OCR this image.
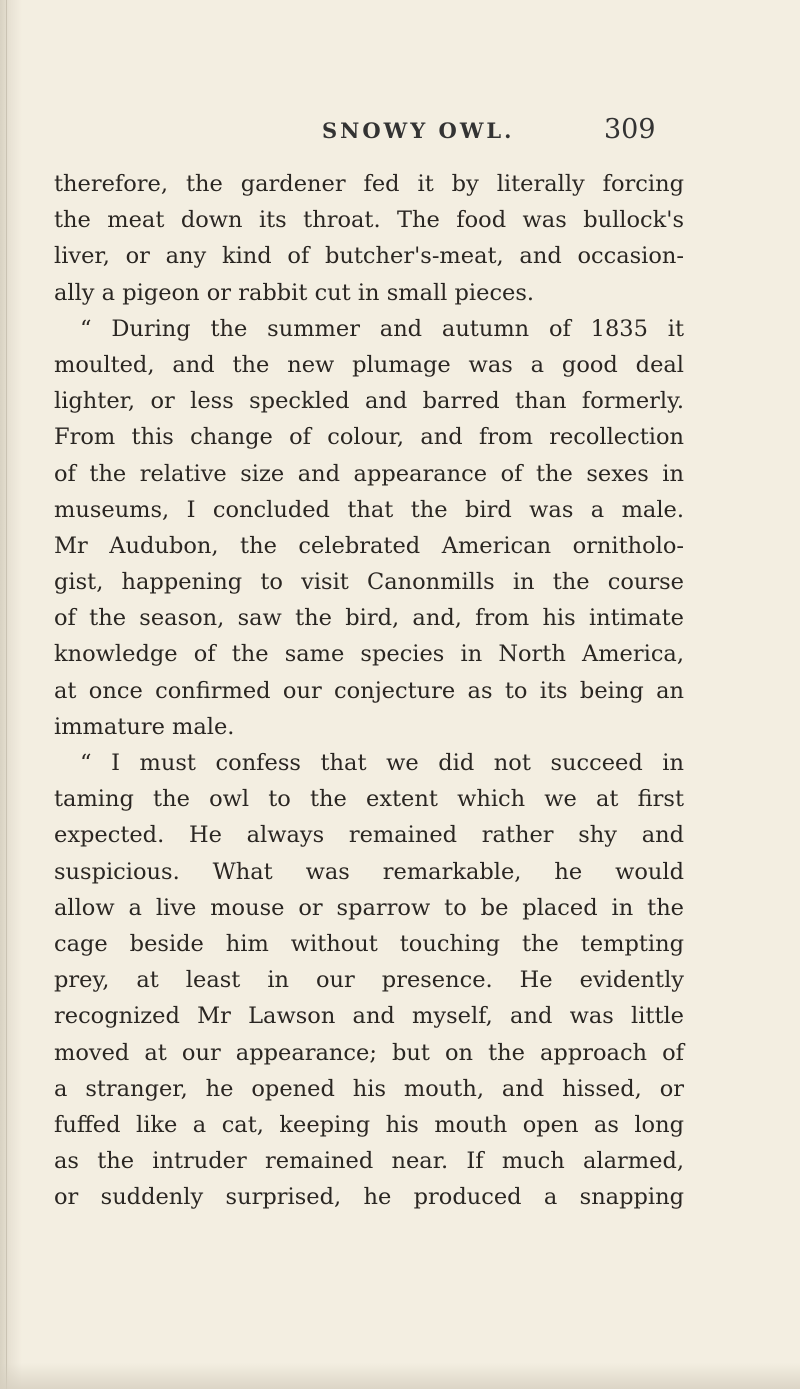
SNOWY OWL.	309
therefore, the gardener fed it by literally forcing
the meat down its throat. The food was bullock's
liver, or any kind of butcher's-meat, and occasion-
ally a pigeon or rabbit cut in small pieces.
“ During the summer and autumn of 1835 it
moulted, and the new plumage was a good deal
lighter, or less speckled and barred than formerly.
From this change of colour, and from recollection
of the relative size and appearance of the sexes in
museums, I concluded that the bird was a male.
Mr Audubon, the celebrated American ornitholo-
gist, happening to visit Canonmills in the course
of the season, saw the bird, and, from his intimate
knowledge of the same species in North America,
at once confirmed our conjecture as to its being an
immature male.
“ I must confess that we did not succeed in
taming the owl to the extent which we at first
expected. He always remained rather shy and
suspicious. What was remarkable, he would
allow a live mouse or sparrow to be placed in the
cage beside him without touching the tempting
prey, at least in our presence. He evidently
recognized Mr Lawson and myself, and was little
moved at our appearance; but on the approach of
a stranger, he opened his mouth, and hissed, or
fuffed like a cat, keeping his mouth open as long
as the intruder remained near. If much alarmed,
or suddenly surprised, he produced a snapping
